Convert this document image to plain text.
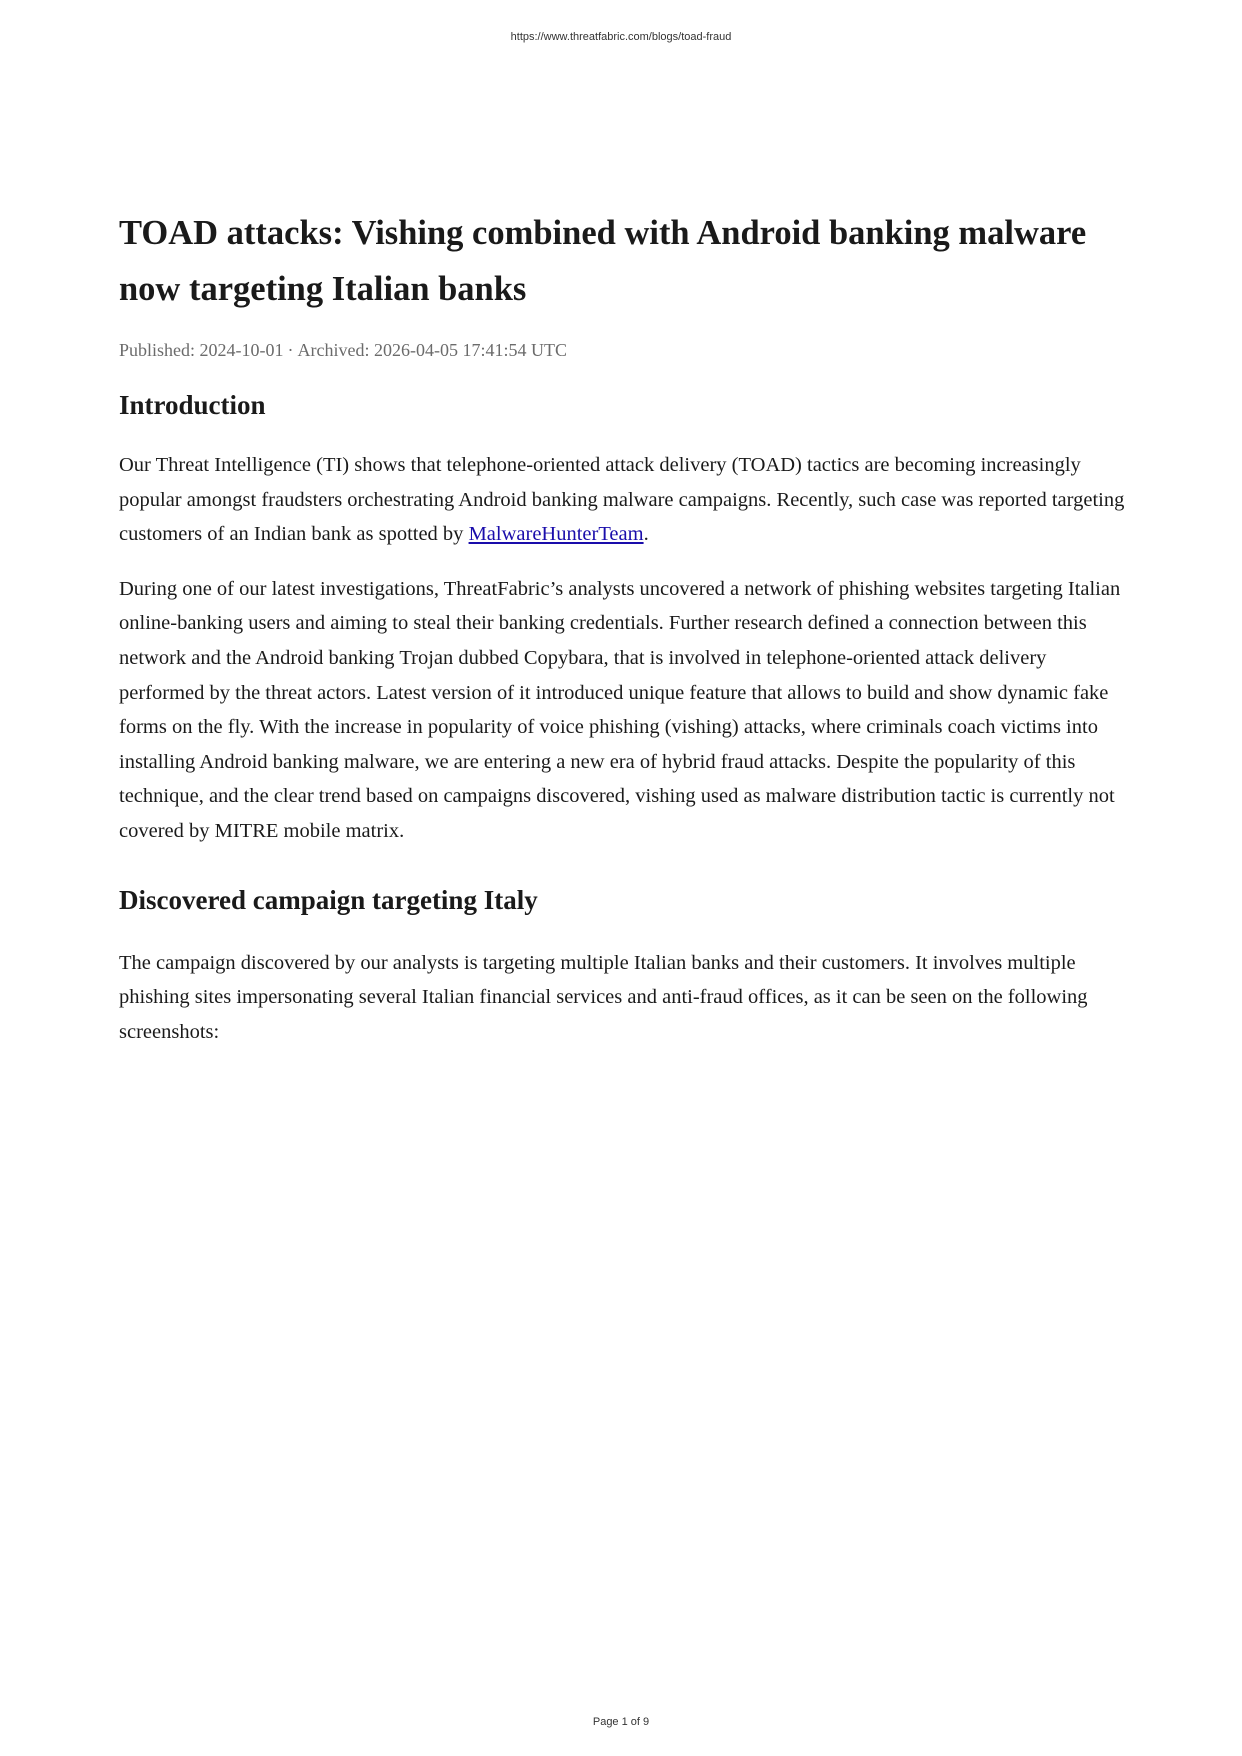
https://www.threatfabric.com/blogs/toad-fraud
TOAD attacks: Vishing combined with Android banking malware now targeting Italian banks

Published: 2024-10-01 · Archived: 2026-04-05 17:41:54 UTC

Introduction

Our Threat Intelligence (TI) shows that telephone-oriented attack delivery (TOAD) tactics are becoming increasingly popular amongst fraudsters orchestrating Android banking malware campaigns. Recently, such case was reported targeting customers of an Indian bank as spotted by MalwareHunterTeam.

During one of our latest investigations, ThreatFabric’s analysts uncovered a network of phishing websites targeting Italian online-banking users and aiming to steal their banking credentials. Further research defined a connection between this network and the Android banking Trojan dubbed Copybara, that is involved in telephone-oriented attack delivery performed by the threat actors. Latest version of it introduced unique feature that allows to build and show dynamic fake forms on the fly. With the increase in popularity of voice phishing (vishing) attacks, where criminals coach victims into installing Android banking malware, we are entering a new era of hybrid fraud attacks. Despite the popularity of this technique, and the clear trend based on campaigns discovered, vishing used as malware distribution tactic is currently not covered by MITRE mobile matrix.

Discovered campaign targeting Italy

The campaign discovered by our analysts is targeting multiple Italian banks and their customers. It involves multiple phishing sites impersonating several Italian financial services and anti-fraud offices, as it can be seen on the following screenshots:

Page 1 of 9
